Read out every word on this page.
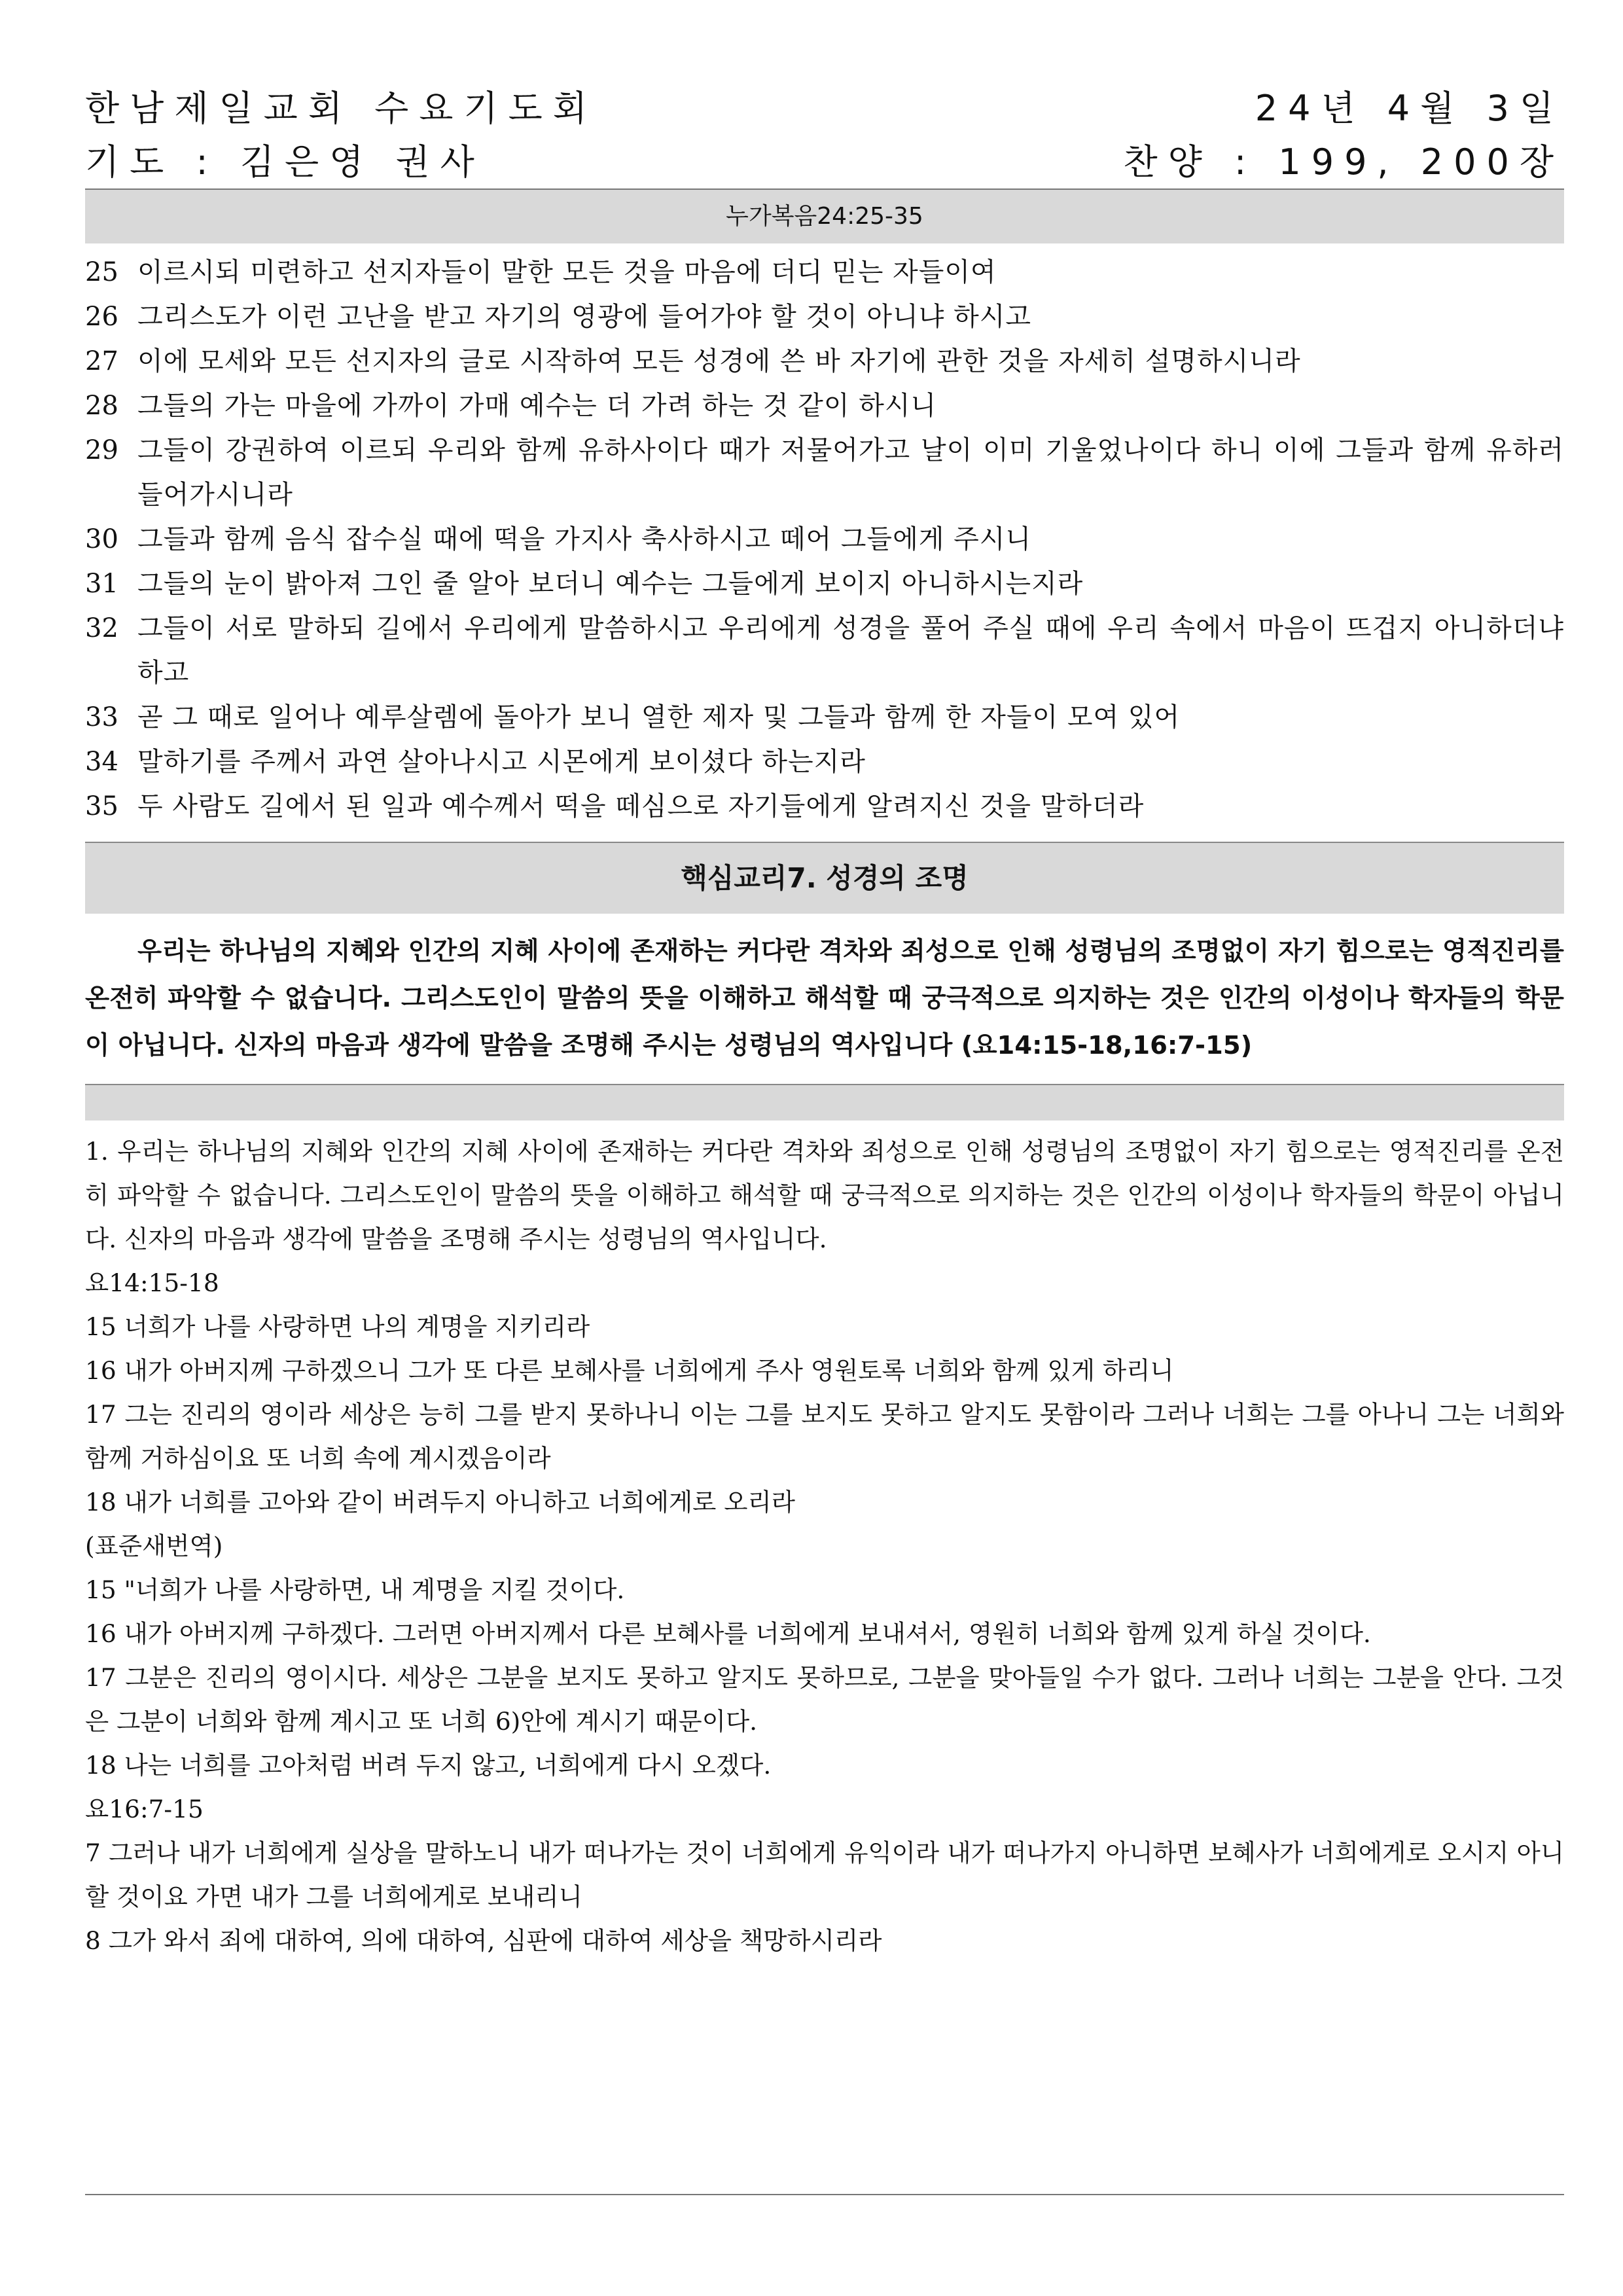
한남제일교회 수요기도회	24년 4월 3일
기도 : 김은영 권사	찬양 : 199, 200장
누가복음24:25-35
25 이르시되 미련하고 선지자들이 말한 모든 것을 마음에 더디 믿는 자들이여
26 그리스도가 이런 고난을 받고 자기의 영광에 들어가야 할 것이 아니냐 하시고
27 이에 모세와 모든 선지자의 글로 시작하여 모든 성경에 쓴 바 자기에 관한 것을 자세히 설명하시니라
28 그들의 가는 마을에 가까이 가매 예수는 더 가려 하는 것 같이 하시니
29 그들이 강권하여 이르되 우리와 함께 유하사이다 때가 저물어가고 날이 이미 기울었나이다 하니 이에 그들과 함께 유하러 들어가시니라
30 그들과 함께 음식 잡수실 때에 떡을 가지사 축사하시고 떼어 그들에게 주시니
31 그들의 눈이 밝아져 그인 줄 알아 보더니 예수는 그들에게 보이지 아니하시는지라
32 그들이 서로 말하되 길에서 우리에게 말씀하시고 우리에게 성경을 풀어 주실 때에 우리 속에서 마음이 뜨겁지 아니하더냐 하고
33 곧 그 때로 일어나 예루살렘에 돌아가 보니 열한 제자 및 그들과 함께 한 자들이 모여 있어
34 말하기를 주께서 과연 살아나시고 시몬에게 보이셨다 하는지라
35 두 사람도 길에서 된 일과 예수께서 떡을 떼심으로 자기들에게 알려지신 것을 말하더라
핵심교리7. 성경의 조명

우리는 하나님의 지혜와 인간의 지혜 사이에 존재하는 커다란 격차와 죄성으로 인해 성령님의 조명없이 자기 힘으로는 영적진리를 온전히 파악할 수 없습니다. 그리스도인이 말씀의 뜻을 이해하고 해석할 때 궁극적으로 의지하는 것은 인간의 이성이나 학자들의 학문이 아닙니다. 신자의 마음과 생각에 말씀을 조명해 주시는 성령님의 역사입니다 (요14:15-18,16:7-15)

1. 우리는 하나님의 지혜와 인간의 지혜 사이에 존재하는 커다란 격차와 죄성으로 인해 성령님의 조명없이 자기 힘으로는 영적진리를 온전히 파악할 수 없습니다. 그리스도인이 말씀의 뜻을 이해하고 해석할 때 궁극적으로 의지하는 것은 인간의 이성이나 학자들의 학문이 아닙니다. 신자의 마음과 생각에 말씀을 조명해 주시는 성령님의 역사입니다.

요14:15-18

15 너희가 나를 사랑하면 나의 계명을 지키리라

16 내가 아버지께 구하겠으니 그가 또 다른 보혜사를 너희에게 주사 영원토록 너희와 함께 있게 하리니

17 그는 진리의 영이라 세상은 능히 그를 받지 못하나니 이는 그를 보지도 못하고 알지도 못함이라 그러나 너희는 그를 아나니 그는 너희와 함께 거하심이요 또 너희 속에 계시겠음이라

18 내가 너희를 고아와 같이 버려두지 아니하고 너희에게로 오리라

(표준새번역)

15 "너희가 나를 사랑하면, 내 계명을 지킬 것이다.

16 내가 아버지께 구하겠다. 그러면 아버지께서 다른 보혜사를 너희에게 보내셔서, 영원히 너희와 함께 있게 하실 것이다.

17 그분은 진리의 영이시다. 세상은 그분을 보지도 못하고 알지도 못하므로, 그분을 맞아들일 수가 없다. 그러나 너희는 그분을 안다. 그것은 그분이 너희와 함께 계시고 또 너희 6)안에 계시기 때문이다.

18 나는 너희를 고아처럼 버려 두지 않고, 너희에게 다시 오겠다.

요16:7-15

7 그러나 내가 너희에게 실상을 말하노니 내가 떠나가는 것이 너희에게 유익이라 내가 떠나가지 아니하면 보혜사가 너희에게로 오시지 아니할 것이요 가면 내가 그를 너희에게로 보내리니

8 그가 와서 죄에 대하여, 의에 대하여, 심판에 대하여 세상을 책망하시리라
